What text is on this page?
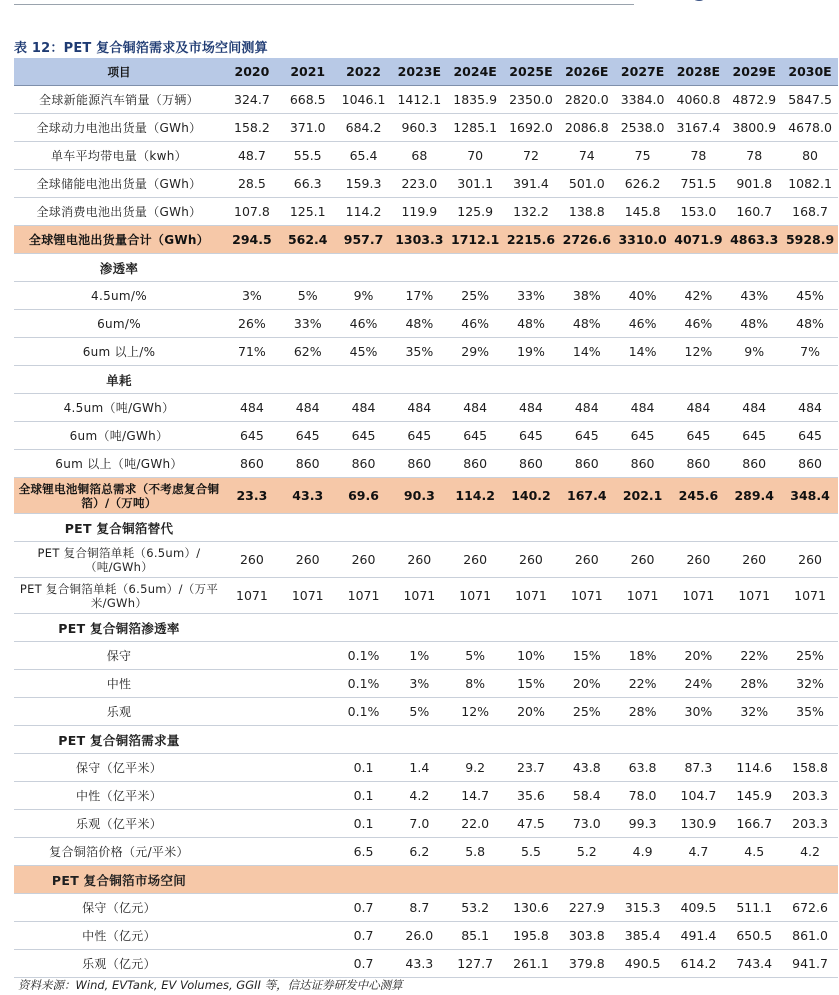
表 12：PET 复合铜箔需求及市场空间测算
项目	2020	2021	2022	2023E	2024E	2025E	2026E	2027E	2028E	2029E	2030E
全球新能源汽车销量（万辆）	324.7	668.5	1046.1	1412.1	1835.9	2350.0	2820.0	3384.0	4060.8	4872.9	5847.5
全球动力电池出货量（GWh）	158.2	371.0	684.2	960.3	1285.1	1692.0	2086.8	2538.0	3167.4	3800.9	4678.0
单车平均带电量（kwh）	48.7	55.5	65.4	68	70	72	74	75	78	78	80
全球储能电池出货量（GWh）	28.5	66.3	159.3	223.0	301.1	391.4	501.0	626.2	751.5	901.8	1082.1
全球消费电池出货量（GWh）	107.8	125.1	114.2	119.9	125.9	132.2	138.8	145.8	153.0	160.7	168.7
全球锂电池出货量合计（GWh）	294.5	562.4	957.7	1303.3	1712.1	2215.6	2726.6	3310.0	4071.9	4863.3	5928.9
渗透率											
4.5um/%	3%	5%	9%	17%	25%	33%	38%	40%	42%	43%	45%
6um/%	26%	33%	46%	48%	46%	48%	48%	46%	46%	48%	48%
6um 以上/%	71%	62%	45%	35%	29%	19%	14%	14%	12%	9%	7%
单耗											
4.5um（吨/GWh）	484	484	484	484	484	484	484	484	484	484	484
6um（吨/GWh）	645	645	645	645	645	645	645	645	645	645	645
6um 以上（吨/GWh）	860	860	860	860	860	860	860	860	860	860	860
全球锂电池铜箔总需求（不考虑复合铜箔）/（万吨）	23.3	43.3	69.6	90.3	114.2	140.2	167.4	202.1	245.6	289.4	348.4
PET 复合铜箔替代											
PET 复合铜箔单耗（6.5um）/（吨/GWh）	260	260	260	260	260	260	260	260	260	260	260
PET 复合铜箔单耗（6.5um）/（万平米/GWh）	1071	1071	1071	1071	1071	1071	1071	1071	1071	1071	1071
PET 复合铜箔渗透率											
保守			0.1%	1%	5%	10%	15%	18%	20%	22%	25%
中性			0.1%	3%	8%	15%	20%	22%	24%	28%	32%
乐观			0.1%	5%	12%	20%	25%	28%	30%	32%	35%
PET 复合铜箔需求量											
保守（亿平米）			0.1	1.4	9.2	23.7	43.8	63.8	87.3	114.6	158.8
中性（亿平米）			0.1	4.2	14.7	35.6	58.4	78.0	104.7	145.9	203.3
乐观（亿平米）			0.1	7.0	22.0	47.5	73.0	99.3	130.9	166.7	203.3
复合铜箔价格（元/平米）			6.5	6.2	5.8	5.5	5.2	4.9	4.7	4.5	4.2
PET 复合铜箔市场空间											
保守（亿元）			0.7	8.7	53.2	130.6	227.9	315.3	409.5	511.1	672.6
中性（亿元）			0.7	26.0	85.1	195.8	303.8	385.4	491.4	650.5	861.0
乐观（亿元）			0.7	43.3	127.7	261.1	379.8	490.5	614.2	743.4	941.7
资料来源：Wind, EVTank, EV Volumes, GGII 等，信达证券研发中心测算
